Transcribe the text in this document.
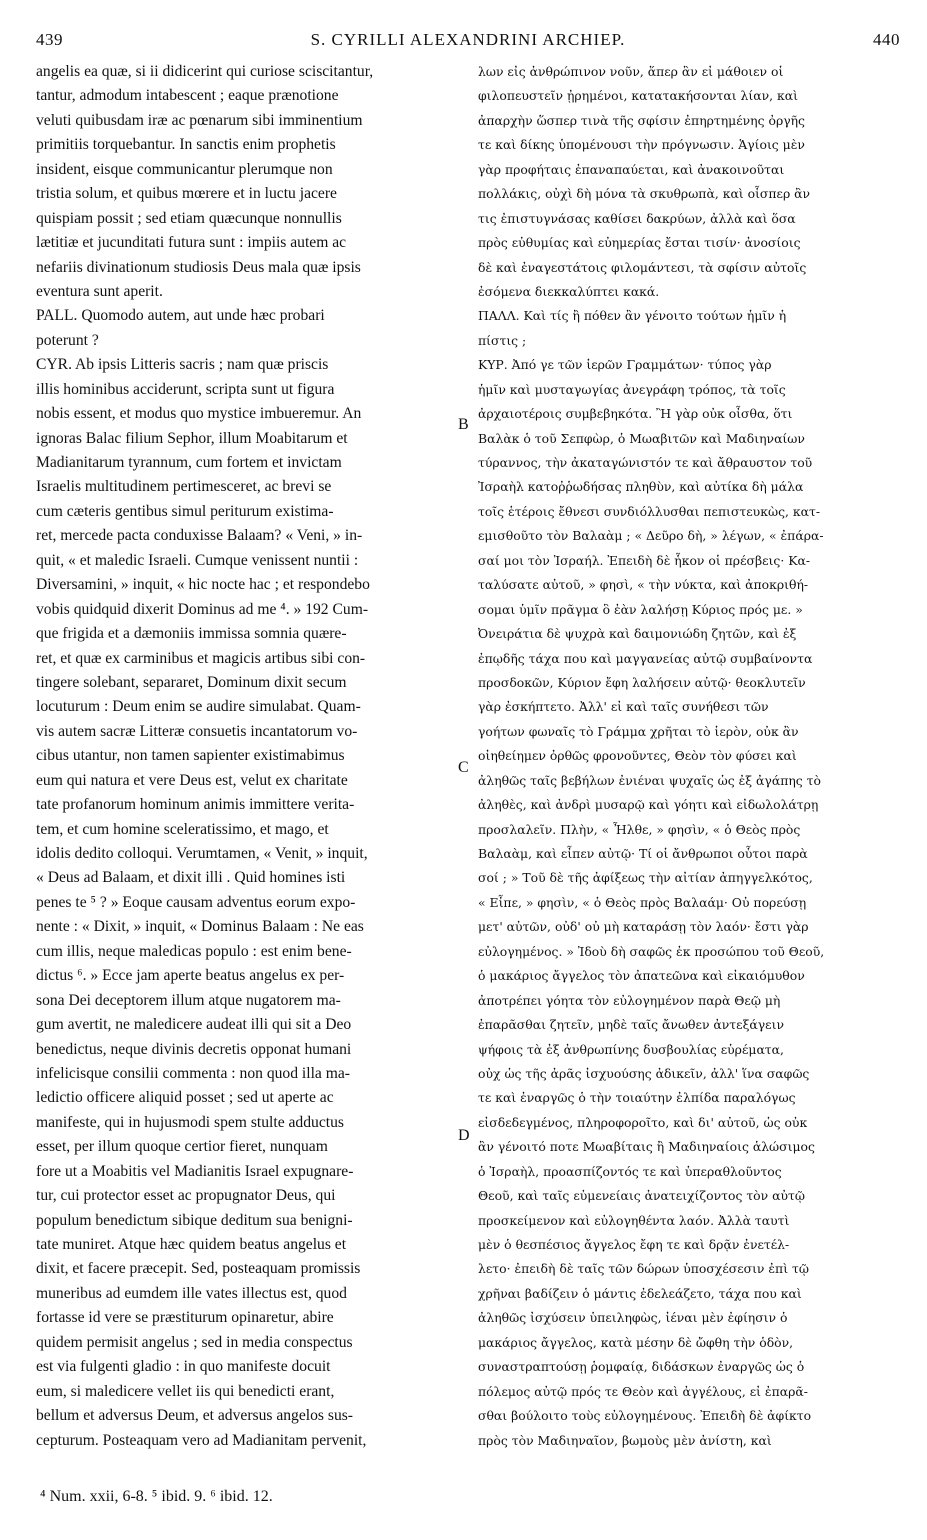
439	S. CYRILLI ALEXANDRINI ARCHIEP.	440
angelis ea quæ, si ii didicerint qui curiose sciscitantur,
tantur, admodum intabescent ; eaque prænotione
veluti quibusdam iræ ac pœnarum sibi imminentium
primitiis torquebantur. In sanctis enim prophetis
insident, eisque communicantur plerumque non
tristia solum, et quibus mœrere et in luctu jacere
quispiam possit ; sed etiam quæcunque nonnullis
lætitiæ et jucunditati futura sunt : impiis autem ac
nefariis divinationum studiosis Deus mala quæ ipsis
eventura sunt aperit.
PALL. Quomodo autem, aut unde hæc probari
poterunt ?
CYR. Ab ipsis Litteris sacris ; nam quæ priscis
illis hominibus acciderunt, scripta sunt ut figura
nobis essent, et modus quo mystice imbueremur. An
ignoras Balac filium Sephor, illum Moabitarum et
Madianitarum tyrannum, cum fortem et invictam
Israelis multitudinem pertimesceret, ac brevi se
cum cæteris gentibus simul periturum existima-
ret, mercede pacta conduxisse Balaam? « Veni, » in-
quit, « et maledic Israeli. Cumque venissent nuntii :
Diversamini, » inquit, « hic nocte hac ; et respondebo
vobis quidquid dixerit Dominus ad me ⁴. » 192 Cum-
que frigida et a dæmoniis immissa somnia quære-
ret, et quæ ex carminibus et magicis artibus sibi con-
tingere solebant, separaret, Dominum dixit secum
locuturum : Deum enim se audire simulabat. Quam-
vis autem sacræ Litteræ consuetis incantatorum vo-
cibus utantur, non tamen sapienter existimabimus
eum qui natura et vere Deus est, velut ex charitate
tate profanorum hominum animis immittere verita-
tem, et cum homine sceleratissimo, et mago, et
idolis dedito colloqui. Verumtamen, « Venit, » inquit,
« Deus ad Balaam, et dixit illi . Quid homines isti
penes te ⁵ ? » Eoque causam adventus eorum expo-
nente : « Dixit, » inquit, « Dominus Balaam : Ne eas
cum illis, neque maledicas populo : est enim bene-
dictus ⁶. » Ecce jam aperte beatus angelus ex per-
sona Dei deceptorem illum atque nugatorem ma-
gum avertit, ne maledicere audeat illi qui sit a Deo
benedictus, neque divinis decretis opponat humani
infelicisque consilii commenta : non quod illa ma-
ledictio officere aliquid posset ; sed ut aperte ac
manifeste, qui in hujusmodi spem stulte adductus
esset, per illum quoque certior fieret, nunquam
fore ut a Moabitis vel Madianitis Israel expugnare-
tur, cui protector esset ac propugnator Deus, qui
populum benedictum sibique deditum sua benigni-
tate muniret. Atque hæc quidem beatus angelus et
dixit, et facere præcepit. Sed, posteaquam promissis
muneribus ad eumdem ille vates illectus est, quod
fortasse id vere se præstiturum opinaretur, abire
quidem permisit angelus ; sed in media conspectus
est via fulgenti gladio : in quo manifeste docuit
eum, si maledicere vellet iis qui benedicti erant,
bellum et adversus Deum, et adversus angelos sus-
cepturum. Posteaquam vero ad Madianitam pervenit,
λων εἰς ἀνθρώπινον νοῦν, ἅπερ ἂν εἰ μάθοιεν οἱ
φιλοπευστεῖν ᾐρημένοι, κατατακήσονται λίαν, καὶ
ἀπαρχὴν ὥσπερ τινὰ τῆς σφίσιν ἐπηρτημένης ὀργῆς
τε καὶ δίκης ὑπομένουσι τὴν πρόγνωσιν. Ἁγίοις μὲν
γὰρ προφήταις ἐπαναπαύεται, καὶ ἀνακοινοῦται
πολλάκις, οὐχὶ δὴ μόνα τὰ σκυθρωπὰ, καὶ οἷσπερ ἂν
τις ἐπιστυγνάσας καθίσει δακρύων, ἀλλὰ καὶ ὅσα
πρὸς εὐθυμίας καὶ εὐημερίας ἔσται τισίν· ἀνοσίοις
δὲ καὶ ἐναγεστάτοις φιλομάντεσι, τὰ σφίσιν αὐτοῖς
ἐσόμενα διεκκαλύπτει κακά.
ΠΑΛΛ. Καὶ τίς ἢ πόθεν ἂν γένοιτο τούτων ἡμῖν ἡ
πίστις ;
ΚΥΡ. Ἀπό γε τῶν ἱερῶν Γραμμάτων· τύπος γὰρ
ἡμῖν καὶ μυσταγωγίας ἀνεγράφη τρόπος, τὰ τοῖς
ἀρχαιοτέροις συμβεβηκότα. Ἢ γὰρ οὐκ οἶσθα, ὅτι
Βαλὰκ ὁ τοῦ Σεπφὼρ, ὁ Μωαβιτῶν καὶ Μαδιηναίων
τύραννος, τὴν ἀκαταγώνιστόν τε καὶ ἄθραυστον τοῦ
Ἰσραὴλ κατοῤῥωδήσας πληθὺν, καὶ αὐτίκα δὴ μάλα
τοῖς ἑτέροις ἔθνεσι συνδιόλλυσθαι πεπιστευκὼς, κατ-
εμισθοῦτο τὸν Βαλαὰμ ; « Δεῦρο δὴ, » λέγων, « ἐπάρα-
σαί μοι τὸν Ἰσραήλ. Ἐπειδὴ δὲ ἧκον οἱ πρέσβεις· Κα-
ταλύσατε αὐτοῦ, » φησὶ, « τὴν νύκτα, καὶ ἀποκριθή-
σομαι ὑμῖν πρᾶγμα ὃ ἐὰν λαλήσῃ Κύριος πρός με. »
Ὀνειράτια δὲ ψυχρὰ καὶ δαιμονιώδη ζητῶν, καὶ ἐξ
ἐπῳδῆς τάχα που καὶ μαγγανείας αὐτῷ συμβαίνοντα
προσδοκῶν, Κύριον ἔφη λαλήσειν αὐτῷ· θεοκλυτεῖν
γὰρ ἐσκήπτετο. Ἀλλ' εἰ καὶ ταῖς συνήθεσι τῶν
γοήτων φωναῖς τὸ Γράμμα χρῆται τὸ ἱερὸν, οὐκ ἂν
οἰηθείημεν ὀρθῶς φρονοῦντες, Θεὸν τὸν φύσει καὶ
ἀληθῶς ταῖς βεβήλων ἐνιέναι ψυχαῖς ὡς ἐξ ἀγάπης τὸ
ἀληθὲς, καὶ ἀνδρὶ μυσαρῷ καὶ γόητι καὶ εἰδωλολάτρῃ
προσλαλεῖν. Πλὴν, « Ἦλθε, » φησὶν, « ὁ Θεὸς πρὸς
Βαλαὰμ, καὶ εἶπεν αὐτῷ· Τί οἱ ἄνθρωποι οὗτοι παρὰ
σοί ; » Τοῦ δὲ τῆς ἀφίξεως τὴν αἰτίαν ἀπηγγελκότος,
« Εἶπε, » φησὶν, « ὁ Θεὸς πρὸς Βαλαάμ· Οὐ πορεύσῃ
μετ' αὐτῶν, οὐδ' οὐ μὴ καταράσῃ τὸν λαόν· ἔστι γὰρ
εὐλογημένος. » Ἰδοὺ δὴ σαφῶς ἐκ προσώπου τοῦ Θεοῦ,
ὁ μακάριος ἄγγελος τὸν ἀπατεῶνα καὶ εἰκαιόμυθον
ἀποτρέπει γόητα τὸν εὐλογημένον παρὰ Θεῷ μὴ
ἐπαρᾶσθαι ζητεῖν, μηδὲ ταῖς ἄνωθεν ἀντεξάγειν
ψήφοις τὰ ἐξ ἀνθρωπίνης δυσβουλίας εὑρέματα,
οὐχ ὡς τῆς ἀρᾶς ἰσχυούσης ἀδικεῖν, ἀλλ' ἵνα σαφῶς
τε καὶ ἐναργῶς ὁ τὴν τοιαύτην ἐλπίδα παραλόγως
εἰσδεδεγμένος, πληροφοροῖτο, καὶ δι' αὐτοῦ, ὡς οὐκ
ἂν γένοιτό ποτε Μωαβίταις ἢ Μαδιηναίοις ἁλώσιμος
ὁ Ἰσραὴλ, προασπίζοντός τε καὶ ὑπεραθλοῦντος
Θεοῦ, καὶ ταῖς εὐμενείαις ἀνατειχίζοντος τὸν αὐτῷ
προσκείμενον καὶ εὐλογηθέντα λαόν. Ἀλλὰ ταυτὶ
μὲν ὁ θεσπέσιος ἄγγελος ἔφη τε καὶ δρᾷν ἐνετέλ-
λετο· ἐπειδὴ δὲ ταῖς τῶν δώρων ὑποσχέσεσιν ἐπὶ τῷ
χρῆναι βαδίζειν ὁ μάντις ἐδελεάζετο, τάχα που καὶ
ἀληθῶς ἰσχύσειν ὑπειληφὼς, ἰέναι μὲν ἐφίησιν ὁ
μακάριος ἄγγελος, κατὰ μέσην δὲ ὤφθη τὴν ὁδὸν,
συναστραπτούσῃ ῥομφαίᾳ, διδάσκων ἐναργῶς ὡς ὁ
πόλεμος αὐτῷ πρός τε Θεὸν καὶ ἀγγέλους, εἰ ἐπαρᾶ-
σθαι βούλοιτο τοὺς εὐλογημένους. Ἐπειδὴ δὲ ἀφίκτο
πρὸς τὸν Μαδιηναῖον, βωμοὺς μὲν ἀνίστη, καὶ
B
C
D
⁴ Num. xxii, 6-8. ⁵ ibid. 9. ⁶ ibid. 12.
